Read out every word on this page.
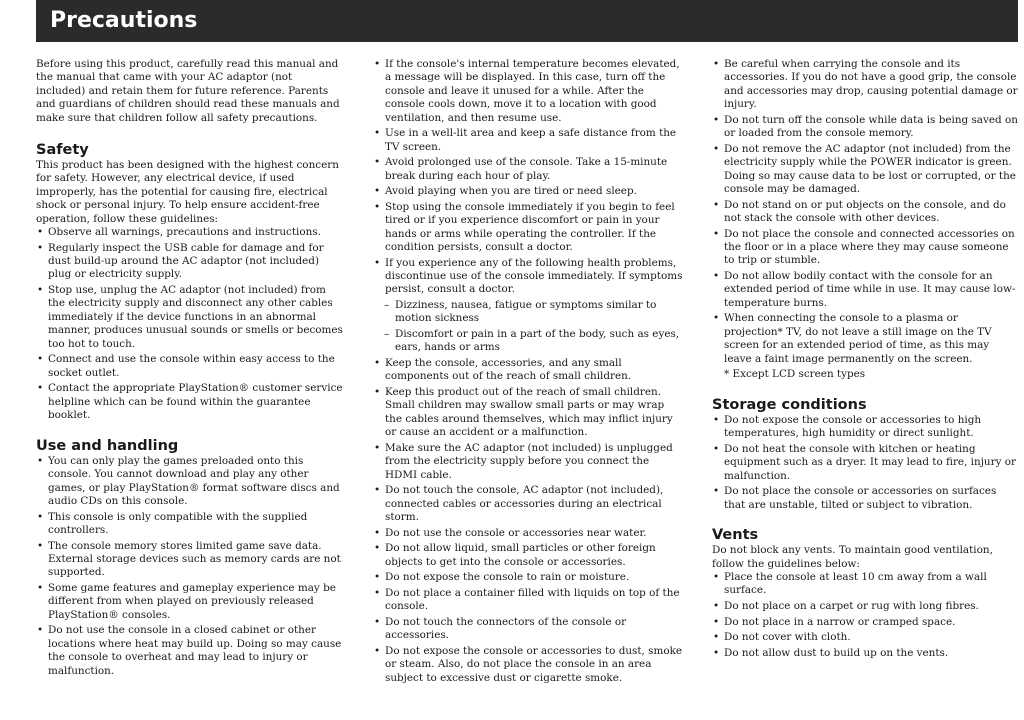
Precautions

Before using this product, carefully read this manual and the manual that came with your AC adaptor (not included) and retain them for future reference. Parents and guardians of children should read these manuals and make sure that children follow all safety precautions.

Safety

This product has been designed with the highest concern for safety. However, any electrical device, if used improperly, has the potential for causing fire, electrical shock or personal injury. To help ensure accident-free operation, follow these guidelines:

• Observe all warnings, precautions and instructions.
• Regularly inspect the USB cable for damage and for dust build-up around the AC adaptor (not included) plug or electricity supply.
• Stop use, unplug the AC adaptor (not included) from the electricity supply and disconnect any other cables immediately if the device functions in an abnormal manner, produces unusual sounds or smells or becomes too hot to touch.
• Connect and use the console within easy access to the socket outlet.
• Contact the appropriate PlayStation® customer service helpline which can be found within the guarantee booklet.
Use and handling
• You can only play the games preloaded onto this console. You cannot download and play any other games, or play PlayStation® format software discs and audio CDs on this console.
• This console is only compatible with the supplied controllers.
• The console memory stores limited game save data. External storage devices such as memory cards are not supported.
• Some game features and gameplay experience may be different from when played on previously released PlayStation® consoles.
• Do not use the console in a closed cabinet or other locations where heat may build up. Doing so may cause the console to overheat and may lead to injury or malfunction.
• If the console's internal temperature becomes elevated, a message will be displayed. In this case, turn off the console and leave it unused for a while. After the console cools down, move it to a location with good ventilation, and then resume use.
• Use in a well-lit area and keep a safe distance from the TV screen.
• Avoid prolonged use of the console. Take a 15-minute break during each hour of play.
• Avoid playing when you are tired or need sleep.
• Stop using the console immediately if you begin to feel tired or if you experience discomfort or pain in your hands or arms while operating the controller. If the condition persists, consult a doctor.
• If you experience any of the following health problems, discontinue use of the console immediately. If symptoms persist, consult a doctor.
– Dizziness, nausea, fatigue or symptoms similar to motion sickness
– Discomfort or pain in a part of the body, such as eyes, ears, hands or arms
• Keep the console, accessories, and any small components out of the reach of small children.
• Keep this product out of the reach of small children. Small children may swallow small parts or may wrap the cables around themselves, which may inflict injury or cause an accident or a malfunction.
• Make sure the AC adaptor (not included) is unplugged from the electricity supply before you connect the HDMI cable.
• Do not touch the console, AC adaptor (not included), connected cables or accessories during an electrical storm.
• Do not use the console or accessories near water.
• Do not allow liquid, small particles or other foreign objects to get into the console or accessories.
• Do not expose the console to rain or moisture.
• Do not place a container filled with liquids on top of the console.
• Do not touch the connectors of the console or accessories.
• Do not expose the console or accessories to dust, smoke or steam. Also, do not place the console in an area subject to excessive dust or cigarette smoke.
• Be careful when carrying the console and its accessories. If you do not have a good grip, the console and accessories may drop, causing potential damage or injury.
• Do not turn off the console while data is being saved on or loaded from the console memory.
• Do not remove the AC adaptor (not included) from the electricity supply while the POWER indicator is green. Doing so may cause data to be lost or corrupted, or the console may be damaged.
• Do not stand on or put objects on the console, and do not stack the console with other devices.
• Do not place the console and connected accessories on the floor or in a place where they may cause someone to trip or stumble.
• Do not allow bodily contact with the console for an extended period of time while in use. It may cause low-temperature burns.
• When connecting the console to a plasma or projection* TV, do not leave a still image on the TV screen for an extended period of time, as this may leave a faint image permanently on the screen.
* Except LCD screen types
Storage conditions
• Do not expose the console or accessories to high temperatures, high humidity or direct sunlight.
• Do not heat the console with kitchen or heating equipment such as a dryer. It may lead to fire, injury or malfunction.
• Do not place the console or accessories on surfaces that are unstable, tilted or subject to vibration.
Vents

Do not block any vents. To maintain good ventilation, follow the guidelines below:

• Place the console at least 10 cm away from a wall surface.
• Do not place on a carpet or rug with long fibres.
• Do not place in a narrow or cramped space.
• Do not cover with cloth.
• Do not allow dust to build up on the vents.
